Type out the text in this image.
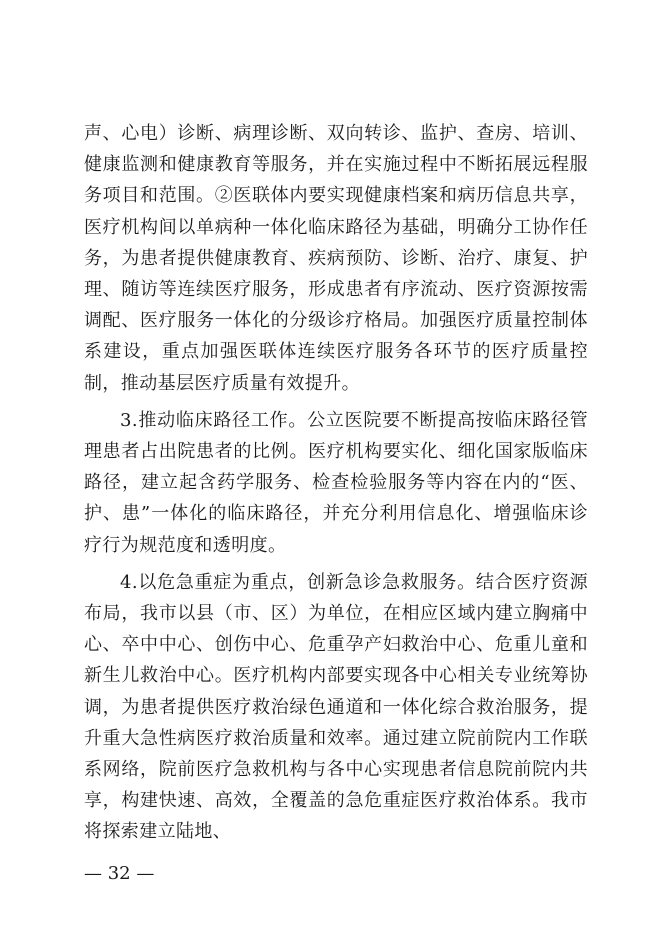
声、心电）诊断、病理诊断、双向转诊、监护、查房、培训、健康监测和健康教育等服务，并在实施过程中不断拓展远程服务项目和范围。②医联体内要实现健康档案和病历信息共享，医疗机构间以单病种一体化临床路径为基础，明确分工协作任务，为患者提供健康教育、疾病预防、诊断、治疗、康复、护理、随访等连续医疗服务，形成患者有序流动、医疗资源按需调配、医疗服务一体化的分级诊疗格局。加强医疗质量控制体系建设，重点加强医联体连续医疗服务各环节的医疗质量控制，推动基层医疗质量有效提升。

3.推动临床路径工作。公立医院要不断提高按临床路径管理患者占出院患者的比例。医疗机构要实化、细化国家版临床路径，建立起含药学服务、检查检验服务等内容在内的“医、护、患”一体化的临床路径，并充分利用信息化、增强临床诊疗行为规范度和透明度。

4.以危急重症为重点，创新急诊急救服务。结合医疗资源布局，我市以县（市、区）为单位，在相应区域内建立胸痛中心、卒中中心、创伤中心、危重孕产妇救治中心、危重儿童和新生儿救治中心。医疗机构内部要实现各中心相关专业统筹协调，为患者提供医疗救治绿色通道和一体化综合救治服务，提升重大急性病医疗救治质量和效率。通过建立院前院内工作联系网络，院前医疗急救机构与各中心实现患者信息院前院内共享，构建快速、高效，全覆盖的急危重症医疗救治体系。我市将探索建立陆地、

— 32 —
